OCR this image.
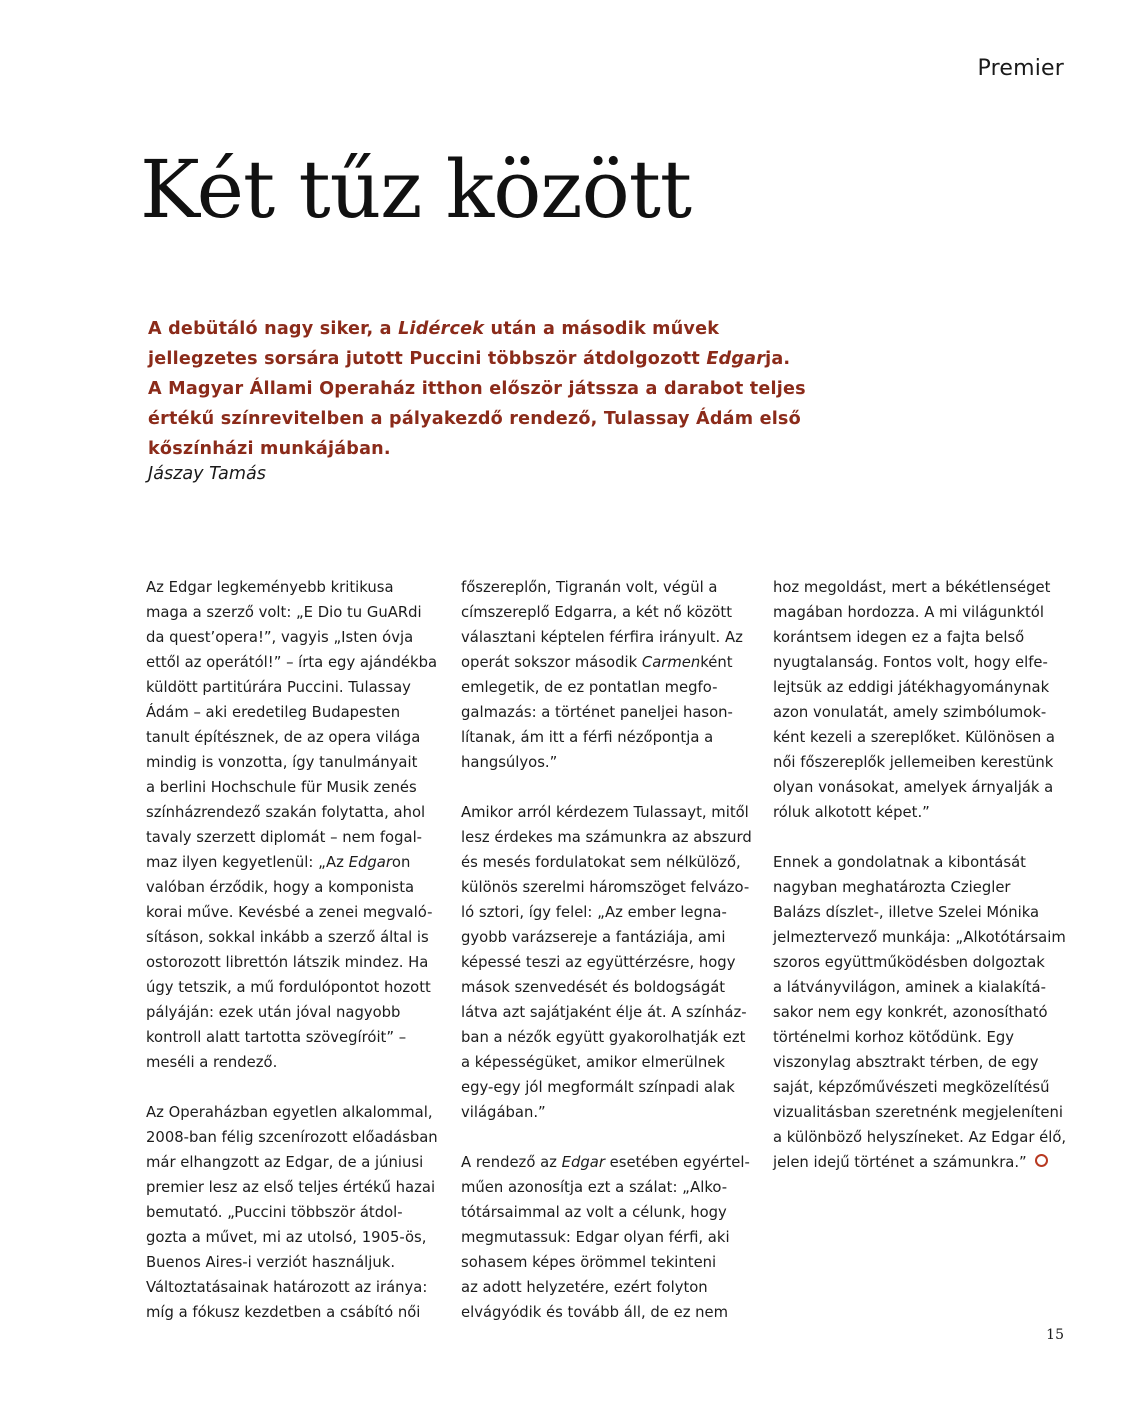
Premier
Két tűz között

A debütáló nagy siker, a Lidércek után a második művek
jellegzetes sorsára jutott Puccini többször átdolgozott Edgarja.
A Magyar Állami Operaház itthon először játssza a darabot teljes
értékű színrevitelben a pályakezdő rendező, Tulassay Ádám első
kőszínházi munkájában.

Jászay Tamás

Az Edgar legkeményebb kritikusa
maga a szerző volt: „E Dio tu GuARdi
da quest’opera!”, vagyis „Isten óvja
ettől az operától!” – írta egy ajándékba
küldött partitúrára Puccini. Tulassay
Ádám – aki eredetileg Budapesten
tanult építésznek, de az opera világa
mindig is vonzotta, így tanulmányait
a berlini Hochschule für Musik zenés
színházrendező szakán folytatta, ahol
tavaly szerzett diplomát – nem fogal-
maz ilyen kegyetlenül: „Az Edgaron
valóban érződik, hogy a komponista
korai műve. Kevésbé a zenei megvaló-
sításon, sokkal inkább a szerző által is
ostorozott librettón látszik mindez. Ha
úgy tetszik, a mű fordulópontot hozott
pályáján: ezek után jóval nagyobb
kontroll alatt tartotta szövegíróit” –
meséli a rendező.

Az Operaházban egyetlen alkalommal,
2008-ban félig szcenírozott előadásban
már elhangzott az Edgar, de a júniusi
premier lesz az első teljes értékű hazai
bemutató. „Puccini többször átdol-
gozta a művet, mi az utolsó, 1905-ös,
Buenos Aires-i verziót használjuk.
Változtatásainak határozott az iránya:
míg a fókusz kezdetben a csábító női

főszereplőn, Tigranán volt, végül a
címszereplő Edgarra, a két nő között
választani képtelen férfira irányult. Az
operát sokszor második Carmenként
emlegetik, de ez pontatlan megfo-
galmazás: a történet paneljei hason-
lítanak, ám itt a férfi nézőpontja a
hangsúlyos.”

Amikor arról kérdezem Tulassayt, mitől
lesz érdekes ma számunkra az abszurd
és mesés fordulatokat sem nélkülöző,
különös szerelmi háromszöget felvázo-
ló sztori, így felel: „Az ember legna-
gyobb varázsereje a fantáziája, ami
képessé teszi az együttérzésre, hogy
mások szenvedését és boldogságát
látva azt sajátjaként élje át. A színház-
ban a nézők együtt gyakorolhatják ezt
a képességüket, amikor elmerülnek
egy-egy jól megformált színpadi alak
világában.”

A rendező az Edgar esetében egyértel-
műen azonosítja ezt a szálat: „Alko-
tótársaimmal az volt a célunk, hogy
megmutassuk: Edgar olyan férfi, aki
sohasem képes örömmel tekinteni
az adott helyzetére, ezért folyton
elvágyódik és tovább áll, de ez nem

hoz megoldást, mert a békétlenséget
magában hordozza. A mi világunktól
korántsem idegen ez a fajta belső
nyugtalanság. Fontos volt, hogy elfe-
lejtsük az eddigi játékhagyománynak
azon vonulatát, amely szimbólumok-
ként kezeli a szereplőket. Különösen a
női főszereplők jellemeiben kerestünk
olyan vonásokat, amelyek árnyalják a
róluk alkotott képet.”

Ennek a gondolatnak a kibontását
nagyban meghatározta Cziegler
Balázs díszlet-, illetve Szelei Mónika
jelmeztervező munkája: „Alkotótársaim
szoros együttműködésben dolgoztak
a látványvilágon, aminek a kialakítá-
sakor nem egy konkrét, azonosítható
történelmi korhoz kötődünk. Egy
viszonylag absztrakt térben, de egy
saját, képzőművészeti megközelítésű
vizualitásban szeretnénk megjeleníteni
a különböző helyszíneket. Az Edgar élő,
jelen idejű történet a számunkra.”

15
